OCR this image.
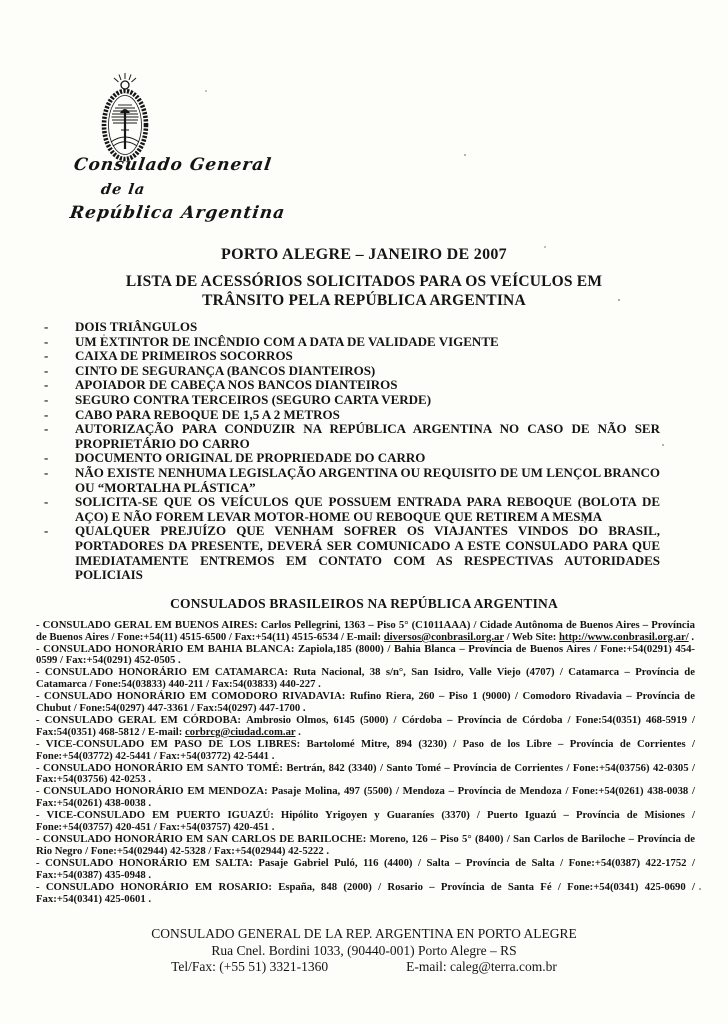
Consulado General
de la
República Argentina
PORTO ALEGRE – JANEIRO DE 2007
LISTA DE ACESSÓRIOS SOLICITADOS PARA OS VEÍCULOS EM
TRÂNSITO PELA REPÚBLICA ARGENTINA
-	DOIS TRIÂNGULOS
-	UM EXTINTOR DE INCÊNDIO COM A DATA DE VALIDADE VIGENTE
-	CAIXA DE PRIMEIROS SOCORROS
-	CINTO DE SEGURANÇA (BANCOS DIANTEIROS)
-	APOIADOR DE CABEÇA NOS BANCOS DIANTEIROS
-	SEGURO CONTRA TERCEIROS (SEGURO CARTA VERDE)
-	CABO PARA REBOQUE DE 1,5 A 2 METROS
-	AUTORIZAÇÃO PARA CONDUZIR NA REPÚBLICA ARGENTINA NO CASO DE NÃO SER PROPRIETÁRIO DO CARRO
-	DOCUMENTO ORIGINAL DE PROPRIEDADE DO CARRO
-	NÃO EXISTE NENHUMA LEGISLAÇÃO ARGENTINA OU REQUISITO DE UM LENÇOL BRANCO OU “MORTALHA PLÁSTICA”
-	SOLICITA-SE QUE OS VEÍCULOS QUE POSSUEM ENTRADA PARA REBOQUE (BOLOTA DE AÇO) E NÃO FOREM LEVAR MOTOR-HOME OU REBOQUE QUE RETIREM A MESMA
-	QUALQUER PREJUÍZO QUE VENHAM SOFRER OS VIAJANTES VINDOS DO BRASIL, PORTADORES DA PRESENTE, DEVERÁ SER COMUNICADO A ESTE CONSULADO PARA QUE IMEDIATAMENTE ENTREMOS EM CONTATO COM AS RESPECTIVAS AUTORIDADES POLICIAIS
CONSULADOS BRASILEIROS NA REPÚBLICA ARGENTINA

- CONSULADO GERAL EM BUENOS AIRES: Carlos Pellegrini, 1363 – Piso 5° (C1011AAA) / Cidade Autônoma de Buenos Aires – Província de Buenos Aires / Fone:+54(11) 4515-6500 / Fax:+54(11) 4515-6534 / E-mail: diversos@conbrasil.org.ar / Web Site: http://www.conbrasil.org.ar/ .

- CONSULADO HONORÁRIO EM BAHIA BLANCA: Zapiola,185 (8000) / Bahia Blanca – Província de Buenos Aires / Fone:+54(0291) 454-0599 / Fax:+54(0291) 452-0505 .

- CONSULADO HONORÁRIO EM CATAMARCA: Ruta Nacional, 38 s/n°, San Isidro, Valle Viejo (4707) / Catamarca – Província de Catamarca / Fone:54(03833) 440-211 / Fax:54(03833) 440-227 .

- CONSULADO HONORÁRIO EM COMODORO RIVADAVIA: Rufino Riera, 260 – Piso 1 (9000) / Comodoro Rivadavia – Província de Chubut / Fone:54(0297) 447-3361 / Fax:54(0297) 447-1700 .

- CONSULADO GERAL EM CÓRDOBA: Ambrosio Olmos, 6145 (5000) / Córdoba – Província de Córdoba / Fone:54(0351) 468-5919 / Fax:54(0351) 468-5812 / E-mail: corbrcg@ciudad.com.ar .

- VICE-CONSULADO EM PASO DE LOS LIBRES: Bartolomé Mitre, 894 (3230) / Paso de los Libre – Província de Corrientes / Fone:+54(03772) 42-5441 / Fax:+54(03772) 42-5441 .

- CONSULADO HONORÁRIO EM SANTO TOMÉ: Bertrán, 842 (3340) / Santo Tomé – Província de Corrientes / Fone:+54(03756) 42-0305 / Fax:+54(03756) 42-0253 .

- CONSULADO HONORÁRIO EM MENDOZA: Pasaje Molina, 497 (5500) / Mendoza – Província de Mendoza / Fone:+54(0261) 438-0038 / Fax:+54(0261) 438-0038 .

- VICE-CONSULADO EM PUERTO IGUAZÚ: Hipólito Yrigoyen y Guaraníes (3370) / Puerto Iguazú – Província de Misiones / Fone:+54(03757) 420-451 / Fax:+54(03757) 420-451 .

- CONSULADO HONORÁRIO EM SAN CARLOS DE BARILOCHE: Moreno, 126 – Piso 5° (8400) / San Carlos de Bariloche – Província de Rio Negro / Fone:+54(02944) 42-5328 / Fax:+54(02944) 42-5222 .

- CONSULADO HONORÁRIO EM SALTA: Pasaje Gabriel Puló, 116 (4400) / Salta – Província de Salta / Fone:+54(0387) 422-1752 / Fax:+54(0387) 435-0948 .

- CONSULADO HONORÁRIO EM ROSARIO: España, 848 (2000) / Rosario – Província de Santa Fé / Fone:+54(0341) 425-0690 / Fax:+54(0341) 425-0601 .

CONSULADO GENERAL DE LA REP. ARGENTINA EN PORTO ALEGRE
Rua Cnel. Bordini 1033, (90440-001) Porto Alegre – RS
Tel/Fax: (+55 51) 3321-1360	E-mail: caleg@terra.com.br
